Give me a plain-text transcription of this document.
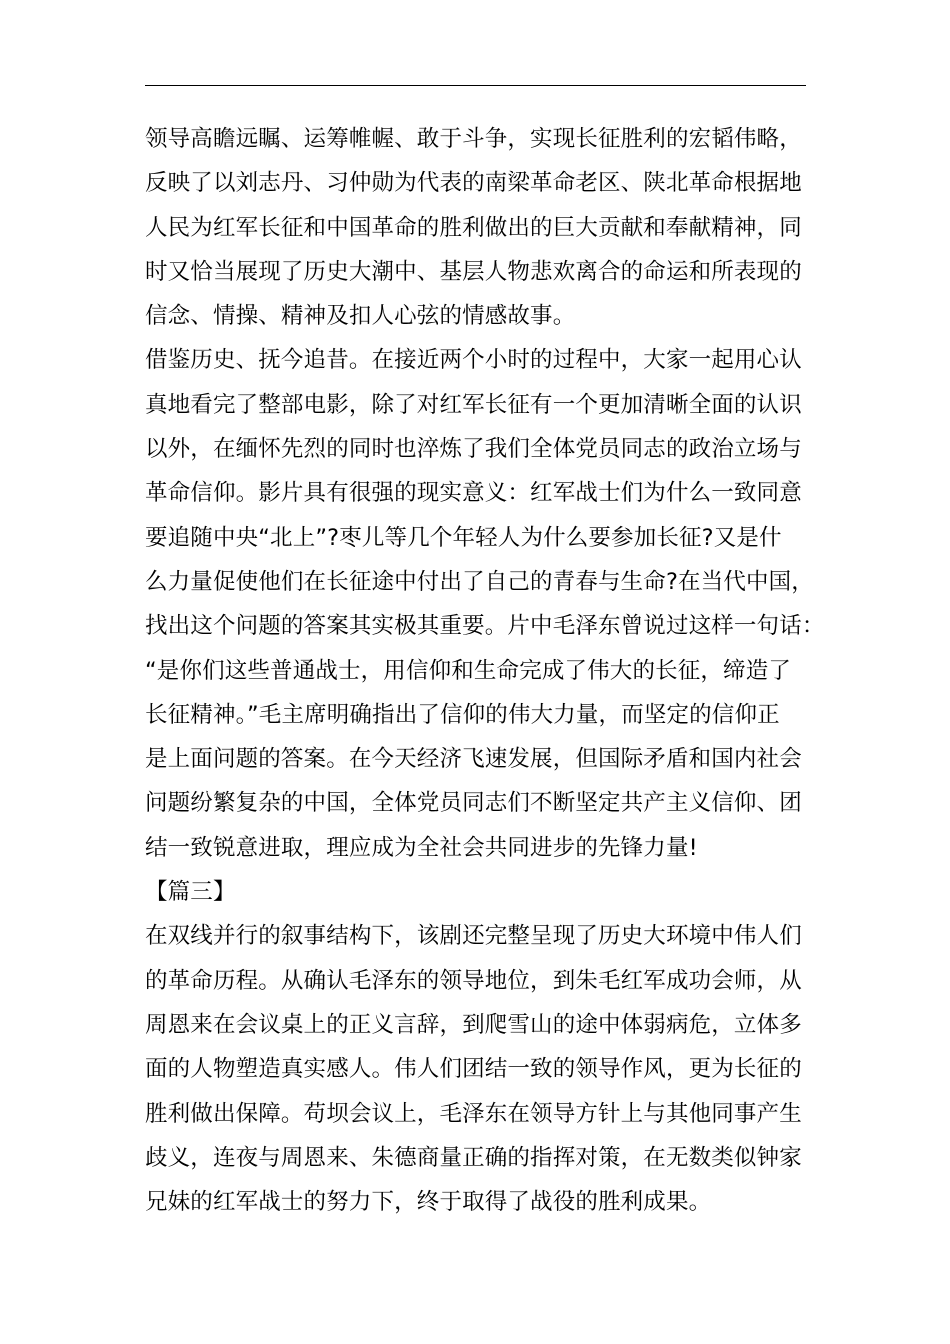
领导高瞻远瞩、运筹帷幄、敢于斗争，实现长征胜利的宏韬伟略，
反映了以刘志丹、习仲勋为代表的南梁革命老区、陕北革命根据地
人民为红军长征和中国革命的胜利做出的巨大贡献和奉献精神，同
时又恰当展现了历史大潮中、基层人物悲欢离合的命运和所表现的
信念、情操、精神及扣人心弦的情感故事。
借鉴历史、抚今追昔。在接近两个小时的过程中，大家一起用心认
真地看完了整部电影，除了对红军长征有一个更加清晰全面的认识
以外，在缅怀先烈的同时也淬炼了我们全体党员同志的政治立场与
革命信仰。影片具有很强的现实意义：红军战士们为什么一致同意
要追随中央“北上”?枣儿等几个年轻人为什么要参加长征?又是什
么力量促使他们在长征途中付出了自己的青春与生命?在当代中国，
找出这个问题的答案其实极其重要。片中毛泽东曾说过这样一句话：
“是你们这些普通战士，用信仰和生命完成了伟大的长征，缔造了
长征精神。”毛主席明确指出了信仰的伟大力量，而坚定的信仰正
是上面问题的答案。在今天经济飞速发展，但国际矛盾和国内社会
问题纷繁复杂的中国，全体党员同志们不断坚定共产主义信仰、团
结一致锐意进取，理应成为全社会共同进步的先锋力量!
【篇三】
在双线并行的叙事结构下，该剧还完整呈现了历史大环境中伟人们
的革命历程。从确认毛泽东的领导地位，到朱毛红军成功会师，从
周恩来在会议桌上的正义言辞，到爬雪山的途中体弱病危，立体多
面的人物塑造真实感人。伟人们团结一致的领导作风，更为长征的
胜利做出保障。苟坝会议上，毛泽东在领导方针上与其他同事产生
歧义，连夜与周恩来、朱德商量正确的指挥对策，在无数类似钟家
兄妹的红军战士的努力下，终于取得了战役的胜利成果。
